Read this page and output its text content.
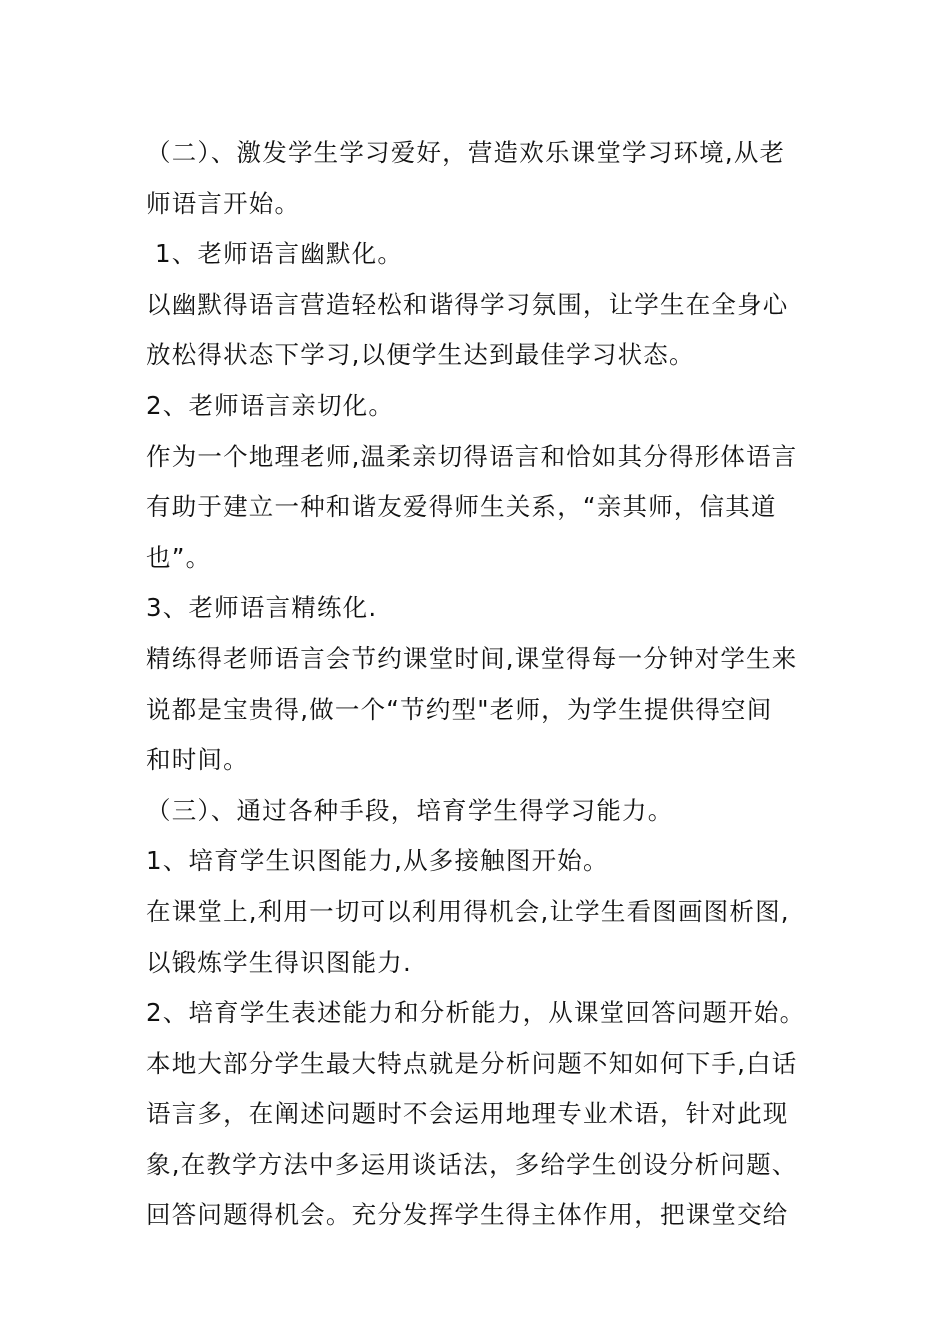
（二）、激发学生学习爱好，营造欢乐课堂学习环境,从老
师语言开始。
1、老师语言幽默化。
以幽默得语言营造轻松和谐得学习氛围，让学生在全身心
放松得状态下学习,以便学生达到最佳学习状态。
2、老师语言亲切化。
作为一个地理老师,温柔亲切得语言和恰如其分得形体语言
有助于建立一种和谐友爱得师生关系，“亲其师，信其道
也”。
3、老师语言精练化.
精练得老师语言会节约课堂时间,课堂得每一分钟对学生来
说都是宝贵得,做一个“节约型"老师，为学生提供得空间
和时间。
（三）、通过各种手段，培育学生得学习能力。
1、培育学生识图能力,从多接触图开始。
在课堂上,利用一切可以利用得机会,让学生看图画图析图,
以锻炼学生得识图能力.
2、培育学生表述能力和分析能力，从课堂回答问题开始。
本地大部分学生最大特点就是分析问题不知如何下手,白话
语言多，在阐述问题时不会运用地理专业术语，针对此现
象,在教学方法中多运用谈话法，多给学生创设分析问题、
回答问题得机会。充分发挥学生得主体作用，把课堂交给
